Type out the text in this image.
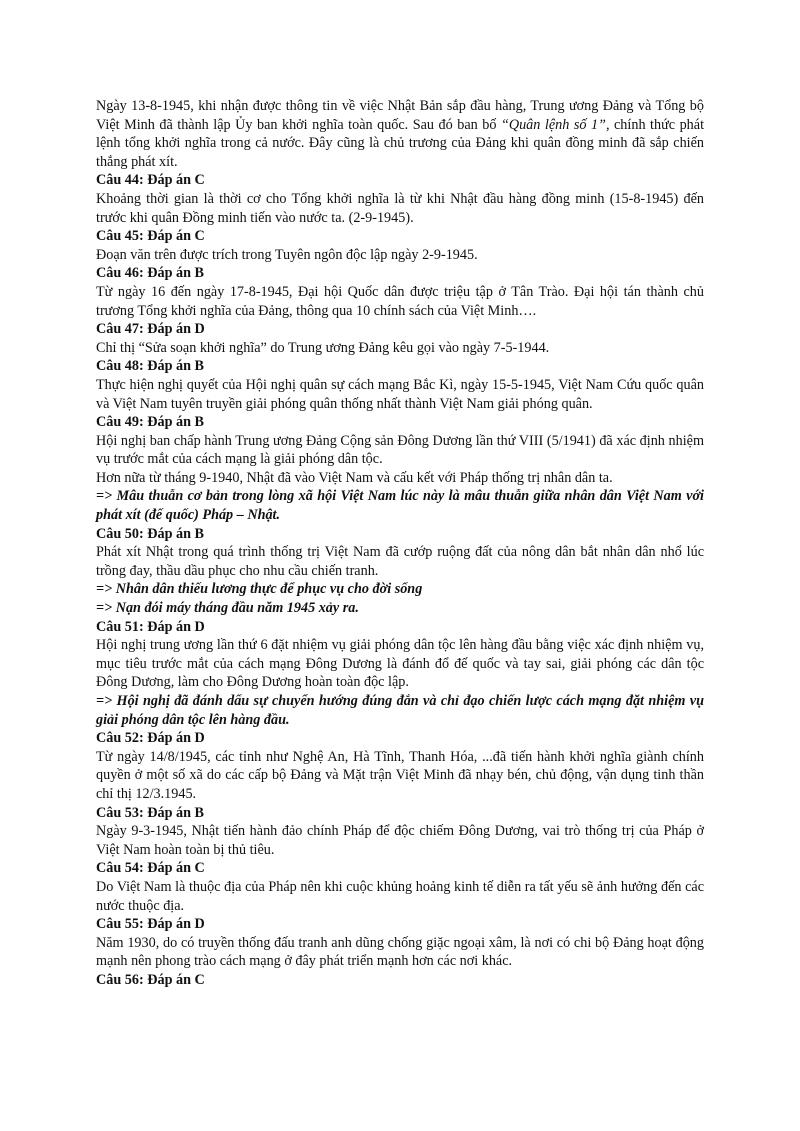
Ngày 13-8-1945, khi nhận được thông tin về việc Nhật Bản sắp đầu hàng, Trung ương Đảng và Tổng bộ Việt Minh đã thành lập Ủy ban khởi nghĩa toàn quốc. Sau đó ban bố “Quân lệnh số 1”, chính thức phát lệnh tổng khởi nghĩa trong cả nước. Đây cũng là chủ trương của Đảng khi quân đồng minh đã sắp chiến thắng phát xít.

Câu 44: Đáp án C

Khoảng thời gian là thời cơ cho Tổng khởi nghĩa là từ khi Nhật đầu hàng đồng minh (15-8-1945) đến trước khi quân Đồng minh tiến vào nước ta. (2-9-1945).

Câu 45: Đáp án C

Đoạn văn trên được trích trong Tuyên ngôn độc lập ngày 2-9-1945.

Câu 46: Đáp án B

Từ ngày 16 đến ngày 17-8-1945, Đại hội Quốc dân được triệu tập ở Tân Trào. Đại hội tán thành chủ trương Tổng khởi nghĩa của Đảng, thông qua 10 chính sách của Việt Minh….

Câu 47: Đáp án D

Chỉ thị “Sửa soạn khởi nghĩa” do Trung ương Đảng kêu gọi vào ngày 7-5-1944.

Câu 48: Đáp án B

Thực hiện nghị quyết của Hội nghị quân sự cách mạng Bắc Kì, ngày 15-5-1945, Việt Nam Cứu quốc quân và Việt Nam tuyên truyền giải phóng quân thống nhất thành Việt Nam giải phóng quân.

Câu 49: Đáp án B

Hội nghị ban chấp hành Trung ương Đảng Cộng sản Đông Dương lần thứ VIII (5/1941) đã xác định nhiệm vụ trước mắt của cách mạng là giải phóng dân tộc.

Hơn nữa từ tháng 9-1940, Nhật đã vào Việt Nam và cấu kết với Pháp thống trị nhân dân ta.

=> Mâu thuẫn cơ bản trong lòng xã hội Việt Nam lúc này là mâu thuẫn giữa nhân dân Việt Nam với phát xít (đế quốc) Pháp – Nhật.

Câu 50: Đáp án B

Phát xít Nhật trong quá trình thống trị Việt Nam đã cướp ruộng đất của nông dân bắt nhân dân nhổ lúc trồng đay, thầu dầu phục cho nhu cầu chiến tranh.

=> Nhân dân thiếu lương thực để phục vụ cho đời sống

=> Nạn đói máy tháng đầu năm 1945 xảy ra.

Câu 51: Đáp án D

Hội nghị trung ương lần thứ 6 đặt nhiệm vụ giải phóng dân tộc lên hàng đầu bằng việc xác định nhiệm vụ, mục tiêu trước mắt của cách mạng Đông Dương là đánh đổ đế quốc và tay sai, giải phóng các dân tộc Đông Dương, làm cho Đông Dương hoàn toàn độc lập.

=> Hội nghị đã đánh dấu sự chuyển hướng đúng đắn và chỉ đạo chiến lược cách mạng đặt nhiệm vụ giải phóng dân tộc lên hàng đầu.

Câu 52: Đáp án D

Từ ngày 14/8/1945, các tỉnh như Nghệ An, Hà Tĩnh, Thanh Hóa, ...đã tiến hành khởi nghĩa giành chính quyền ở một số xã do các cấp bộ Đảng và Mặt trận Việt Minh đã nhạy bén, chủ động, vận dụng tinh thần chỉ thị 12/3.1945.

Câu 53: Đáp án B

Ngày 9-3-1945, Nhật tiến hành đảo chính Pháp để độc chiếm Đông Dương, vai trò thống trị của Pháp ở Việt Nam hoàn toàn bị thủ tiêu.

Câu 54: Đáp án C

Do Việt Nam là thuộc địa của Pháp nên khi cuộc khủng hoảng kinh tế diễn ra tất yếu sẽ ảnh hưởng đến các nước thuộc địa.

Câu 55: Đáp án D

Năm 1930, do có truyền thống đấu tranh anh dũng chống giặc ngoại xâm, là nơi có chi bộ Đảng hoạt động mạnh nên phong trào cách mạng ở đây phát triển mạnh hơn các nơi khác.

Câu 56: Đáp án C
